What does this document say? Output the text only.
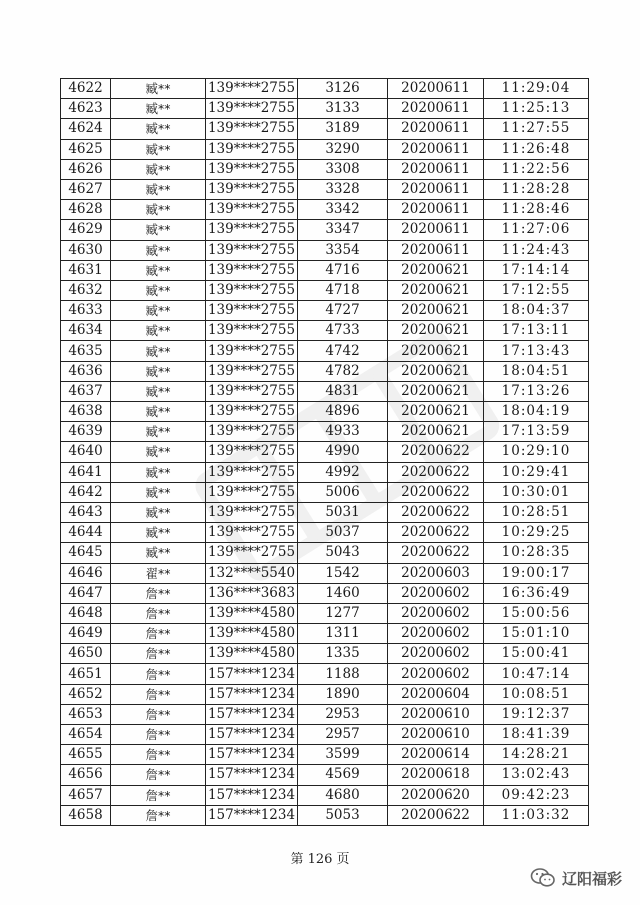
4622	臧**	139****2755	3126	20200611	11:29:04
4623	臧**	139****2755	3133	20200611	11:25:13
4624	臧**	139****2755	3189	20200611	11:27:55
4625	臧**	139****2755	3290	20200611	11:26:48
4626	臧**	139****2755	3308	20200611	11:22:56
4627	臧**	139****2755	3328	20200611	11:28:28
4628	臧**	139****2755	3342	20200611	11:28:46
4629	臧**	139****2755	3347	20200611	11:27:06
4630	臧**	139****2755	3354	20200611	11:24:43
4631	臧**	139****2755	4716	20200621	17:14:14
4632	臧**	139****2755	4718	20200621	17:12:55
4633	臧**	139****2755	4727	20200621	18:04:37
4634	臧**	139****2755	4733	20200621	17:13:11
4635	臧**	139****2755	4742	20200621	17:13:43
4636	臧**	139****2755	4782	20200621	18:04:51
4637	臧**	139****2755	4831	20200621	17:13:26
4638	臧**	139****2755	4896	20200621	18:04:19
4639	臧**	139****2755	4933	20200621	17:13:59
4640	臧**	139****2755	4990	20200622	10:29:10
4641	臧**	139****2755	4992	20200622	10:29:41
4642	臧**	139****2755	5006	20200622	10:30:01
4643	臧**	139****2755	5031	20200622	10:28:51
4644	臧**	139****2755	5037	20200622	10:29:25
4645	臧**	139****2755	5043	20200622	10:28:35
4646	翟**	132****5540	1542	20200603	19:00:17
4647	詹**	136****3683	1460	20200602	16:36:49
4648	詹**	139****4580	1277	20200602	15:00:56
4649	詹**	139****4580	1311	20200602	15:01:10
4650	詹**	139****4580	1335	20200602	15:00:41
4651	詹**	157****1234	1188	20200602	10:47:14
4652	詹**	157****1234	1890	20200604	10:08:51
4653	詹**	157****1234	2953	20200610	19:12:37
4654	詹**	157****1234	2957	20200610	18:41:39
4655	詹**	157****1234	3599	20200614	14:28:21
4656	詹**	157****1234	4569	20200618	13:02:43
4657	詹**	157****1234	4680	20200620	09:42:23
4658	詹**	157****1234	5053	20200622	11:03:32
第 126 页
辽阳福彩
